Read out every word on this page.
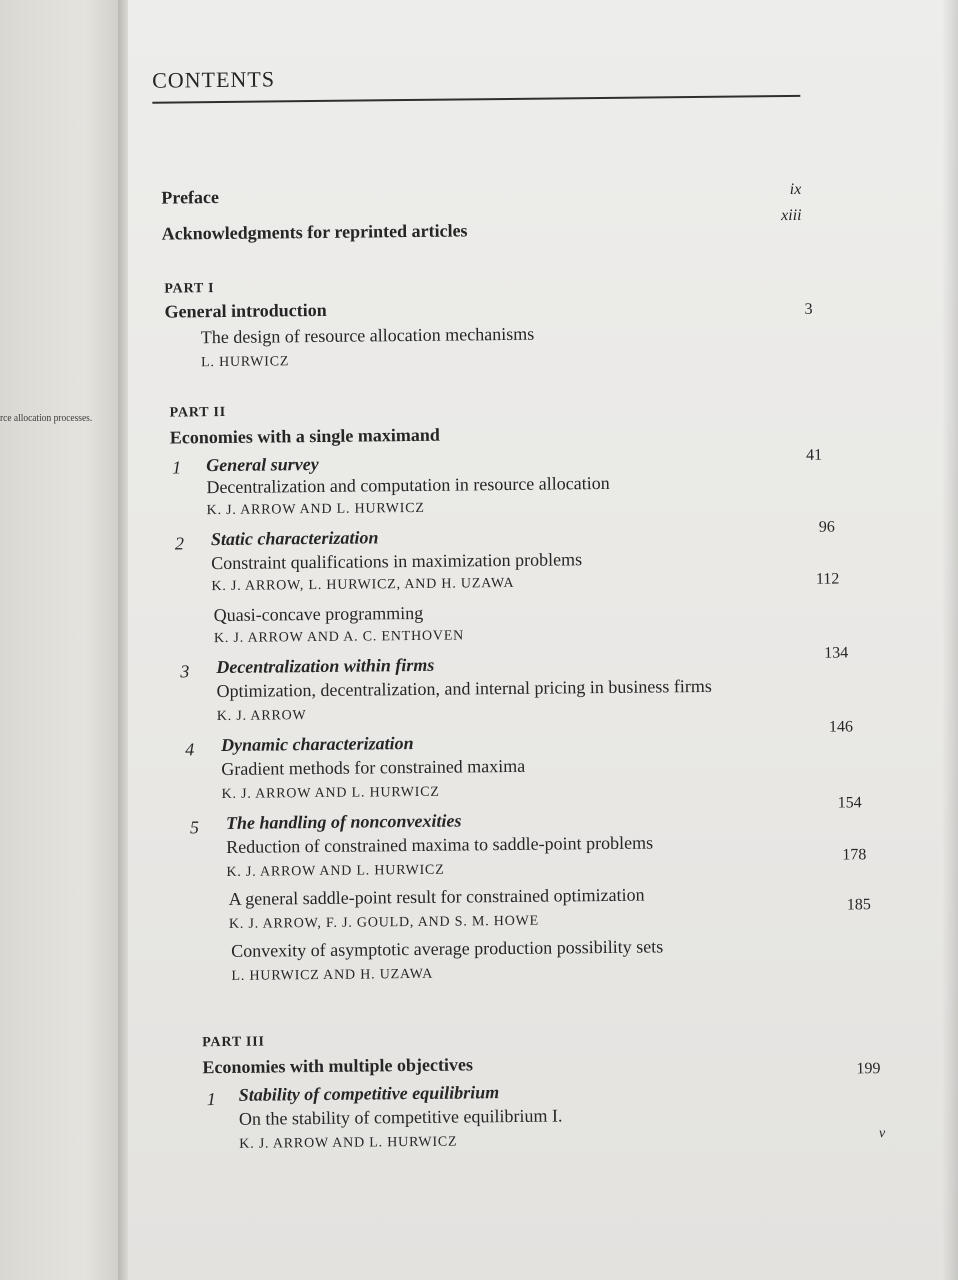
rce allocation processes.
CONTENTS
Preface	ix
Acknowledgments for reprinted articles
xiii
PART I
General introduction
The design of resource allocation mechanisms
L. HURWICZ
3
PART II
Economies with a single maximand
1 General survey
Decentralization and computation in resource allocation
K. J. ARROW AND L. HURWICZ
41
2 Static characterization
Constraint qualifications in maximization problems
K. J. ARROW, L. HURWICZ, AND H. UZAWA
96
Quasi-concave programming
K. J. ARROW AND A. C. ENTHOVEN
112
3 Decentralization within firms
Optimization, decentralization, and internal pricing in business firms
K. J. ARROW
134
4 Dynamic characterization
Gradient methods for constrained maxima
K. J. ARROW AND L. HURWICZ
146
5 The handling of nonconvexities
Reduction of constrained maxima to saddle-point problems
K. J. ARROW AND L. HURWICZ
154
A general saddle-point result for constrained optimization
K. J. ARROW, F. J. GOULD, AND S. M. HOWE
178
Convexity of asymptotic average production possibility sets
L. HURWICZ AND H. UZAWA
185
PART III
Economies with multiple objectives
1 Stability of competitive equilibrium
On the stability of competitive equilibrium I.
K. J. ARROW AND L. HURWICZ
199
v
